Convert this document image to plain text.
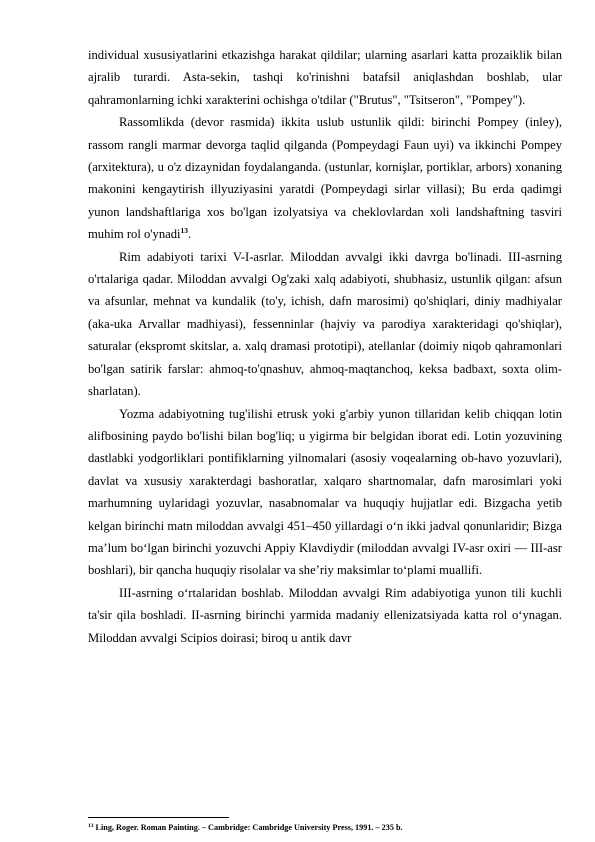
individual xususiyatlarini etkazishga harakat qildilar; ularning asarlari katta prozaiklik bilan ajralib turardi. Asta-sekin, tashqi ko'rinishni batafsil aniqlashdan boshlab, ular qahramonlarning ichki xarakterini ochishga o'tdilar ("Brutus", "Tsitseron", "Pompey").

Rassomlikda (devor rasmida) ikkita uslub ustunlik qildi: birinchi Pompey (inley), rassom rangli marmar devorga taqlid qilganda (Pompeydagi Faun uyi) va ikkinchi Pompey (arxitektura), u o'z dizaynidan foydalanganda. (ustunlar, kornişlar, portiklar, arbors) xonaning makonini kengaytirish illyuziyasini yaratdi (Pompeydagi sirlar villasi); Bu erda qadimgi yunon landshaftlariga xos bo'lgan izolyatsiya va cheklovlardan xoli landshaftning tasviri muhim rol o'ynadi$^{13}$.

Rim adabiyoti tarixi V-I-asrlar. Miloddan avvalgi ikki davrga bo'linadi. III-asrning o'rtalariga qadar. Miloddan avvalgi Og'zaki xalq adabiyoti, shubhasiz, ustunlik qilgan: afsun va afsunlar, mehnat va kundalik (to'y, ichish, dafn marosimi) qo'shiqlari, diniy madhiyalar (aka-uka Arvallar madhiyasi), fessenninlar (hajviy va parodiya xarakteridagi qo'shiqlar), saturalar (ekspromt skitslar, a. xalq dramasi prototipi), atellanlar (doimiy niqob qahramonlari bo'lgan satirik farslar: ahmoq-to'qnashuv, ahmoq-maqtanchoq, keksa badbaxt, soxta olim-sharlatan).

Yozma adabiyotning tug'ilishi etrusk yoki g'arbiy yunon tillaridan kelib chiqqan lotin alifbosining paydo bo'lishi bilan bog'liq; u yigirma bir belgidan iborat edi. Lotin yozuvining dastlabki yodgorliklari pontifiklarning yilnomalari (asosiy voqealarning ob-havo yozuvlari), davlat va xususiy xarakterdagi bashoratlar, xalqaro shartnomalar, dafn marosimlari yoki marhumning uylaridagi yozuvlar, nasabnomalar va huquqiy hujjatlar edi. Bizgacha yetib kelgan birinchi matn miloddan avvalgi 451–450 yillardagi o‘n ikki jadval qonunlaridir; Bizga maʼlum boʻlgan birinchi yozuvchi Appiy Klavdiydir (miloddan avvalgi IV-asr oxiri — III-asr boshlari), bir qancha huquqiy risolalar va sheʼriy maksimlar toʻplami muallifi.

III-asrning oʻrtalaridan boshlab. Miloddan avvalgi Rim adabiyotiga yunon tili kuchli ta'sir qila boshladi. II-asrning birinchi yarmida madaniy ellenizatsiyada katta rol oʻynagan. Miloddan avvalgi Scipios doirasi; biroq u antik davr

$^{13}$ Ling, Roger. Roman Painting. – Cambridge: Cambridge University Press, 1991. – 235 b.
